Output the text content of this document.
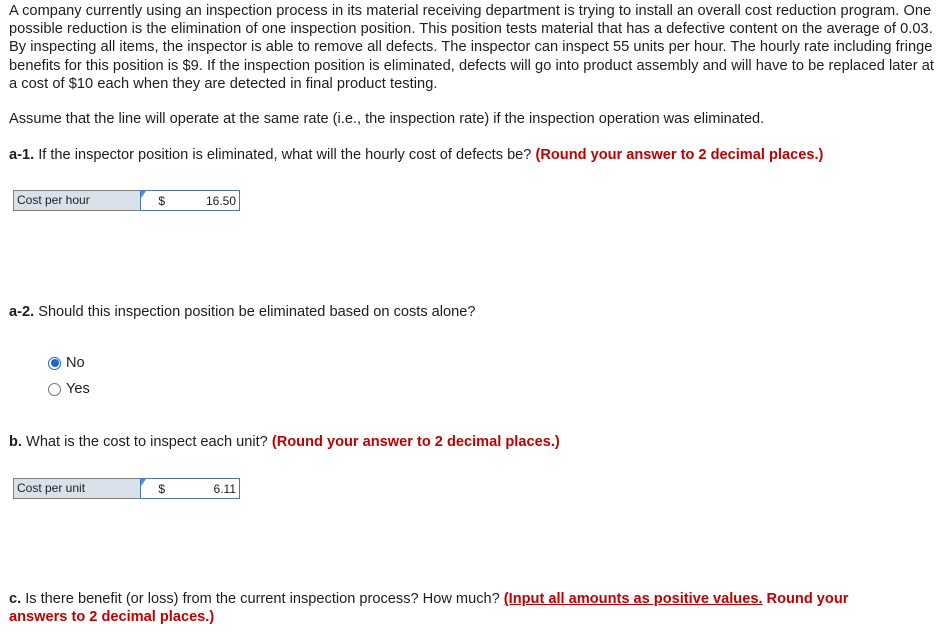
A company currently using an inspection process in its material receiving department is trying to install an overall cost reduction program. One possible reduction is the elimination of one inspection position. This position tests material that has a defective content on the average of 0.03. By inspecting all items, the inspector is able to remove all defects. The inspector can inspect 55 units per hour. The hourly rate including fringe benefits for this position is $9. If the inspection position is eliminated, defects will go into product assembly and will have to be replaced later at a cost of $10 each when they are detected in final product testing.
Assume that the line will operate at the same rate (i.e., the inspection rate) if the inspection operation was eliminated.
a-1. If the inspector position is eliminated, what will the hourly cost of defects be? (Round your answer to 2 decimal places.)
Cost per hour	$	16.50
a-2. Should this inspection position be eliminated based on costs alone?
No
Yes
b. What is the cost to inspect each unit? (Round your answer to 2 decimal places.)
Cost per unit	$	6.11
c. Is there benefit (or loss) from the current inspection process? How much? (Input all amounts as positive values. Round your answers to 2 decimal places.)
